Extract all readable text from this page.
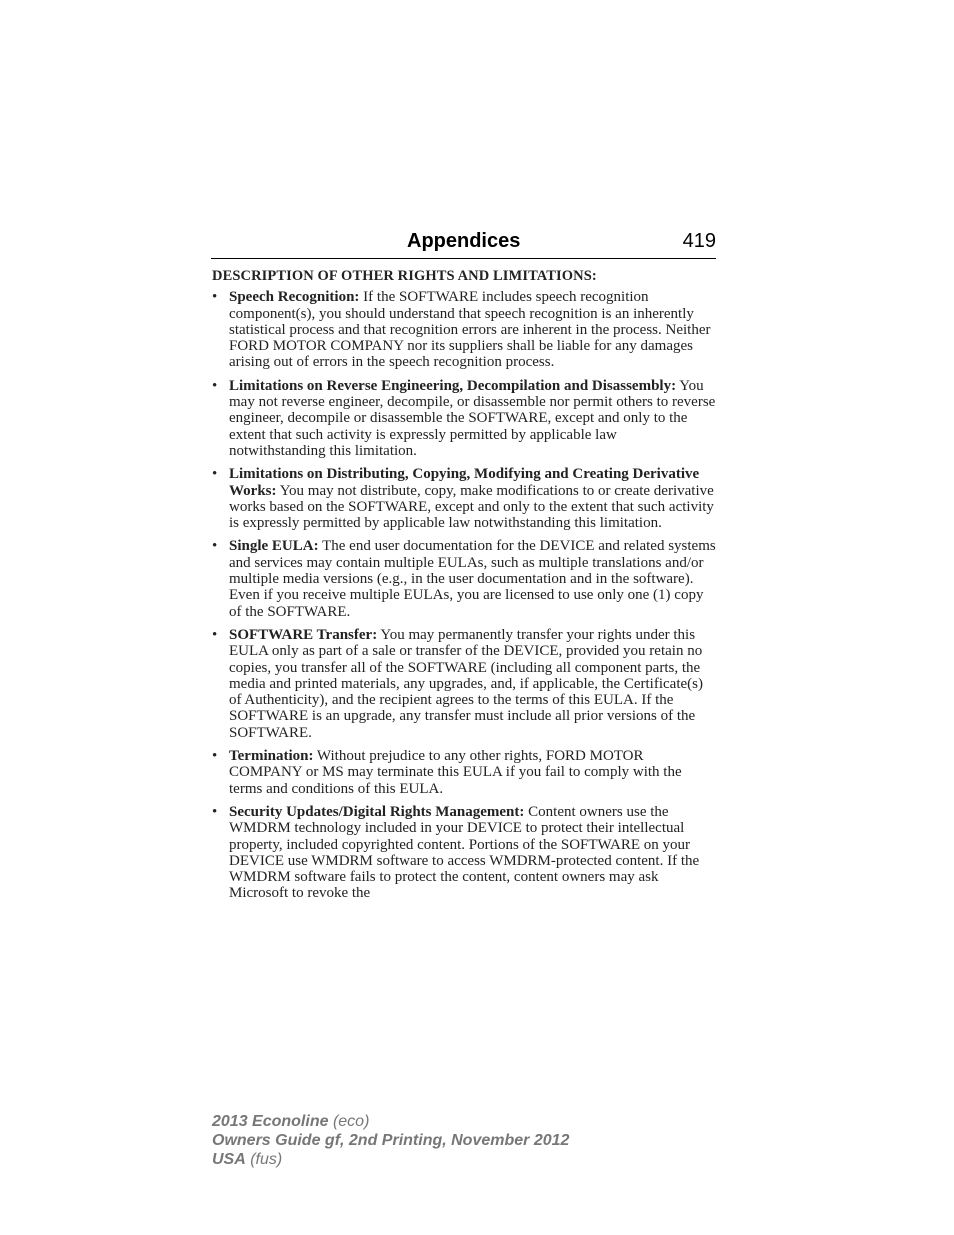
Appendices	419
DESCRIPTION OF OTHER RIGHTS AND LIMITATIONS:
• Speech Recognition: If the SOFTWARE includes speech recognition component(s), you should understand that speech recognition is an inherently statistical process and that recognition errors are inherent in the process. Neither FORD MOTOR COMPANY nor its suppliers shall be liable for any damages arising out of errors in the speech recognition process.
• Limitations on Reverse Engineering, Decompilation and Disassembly: You may not reverse engineer, decompile, or disassemble nor permit others to reverse engineer, decompile or disassemble the SOFTWARE, except and only to the extent that such activity is expressly permitted by applicable law notwithstanding this limitation.
• Limitations on Distributing, Copying, Modifying and Creating Derivative Works: You may not distribute, copy, make modifications to or create derivative works based on the SOFTWARE, except and only to the extent that such activity is expressly permitted by applicable law notwithstanding this limitation.
• Single EULA: The end user documentation for the DEVICE and related systems and services may contain multiple EULAs, such as multiple translations and/or multiple media versions (e.g., in the user documentation and in the software). Even if you receive multiple EULAs, you are licensed to use only one (1) copy of the SOFTWARE.
• SOFTWARE Transfer: You may permanently transfer your rights under this EULA only as part of a sale or transfer of the DEVICE, provided you retain no copies, you transfer all of the SOFTWARE (including all component parts, the media and printed materials, any upgrades, and, if applicable, the Certificate(s) of Authenticity), and the recipient agrees to the terms of this EULA. If the SOFTWARE is an upgrade, any transfer must include all prior versions of the SOFTWARE.
• Termination: Without prejudice to any other rights, FORD MOTOR COMPANY or MS may terminate this EULA if you fail to comply with the terms and conditions of this EULA.
• Security Updates/Digital Rights Management: Content owners use the WMDRM technology included in your DEVICE to protect their intellectual property, included copyrighted content. Portions of the SOFTWARE on your DEVICE use WMDRM software to access WMDRM-protected content. If the WMDRM software fails to protect the content, content owners may ask Microsoft to revoke the
2013 Econoline (eco)
Owners Guide gf, 2nd Printing, November 2012
USA (fus)
